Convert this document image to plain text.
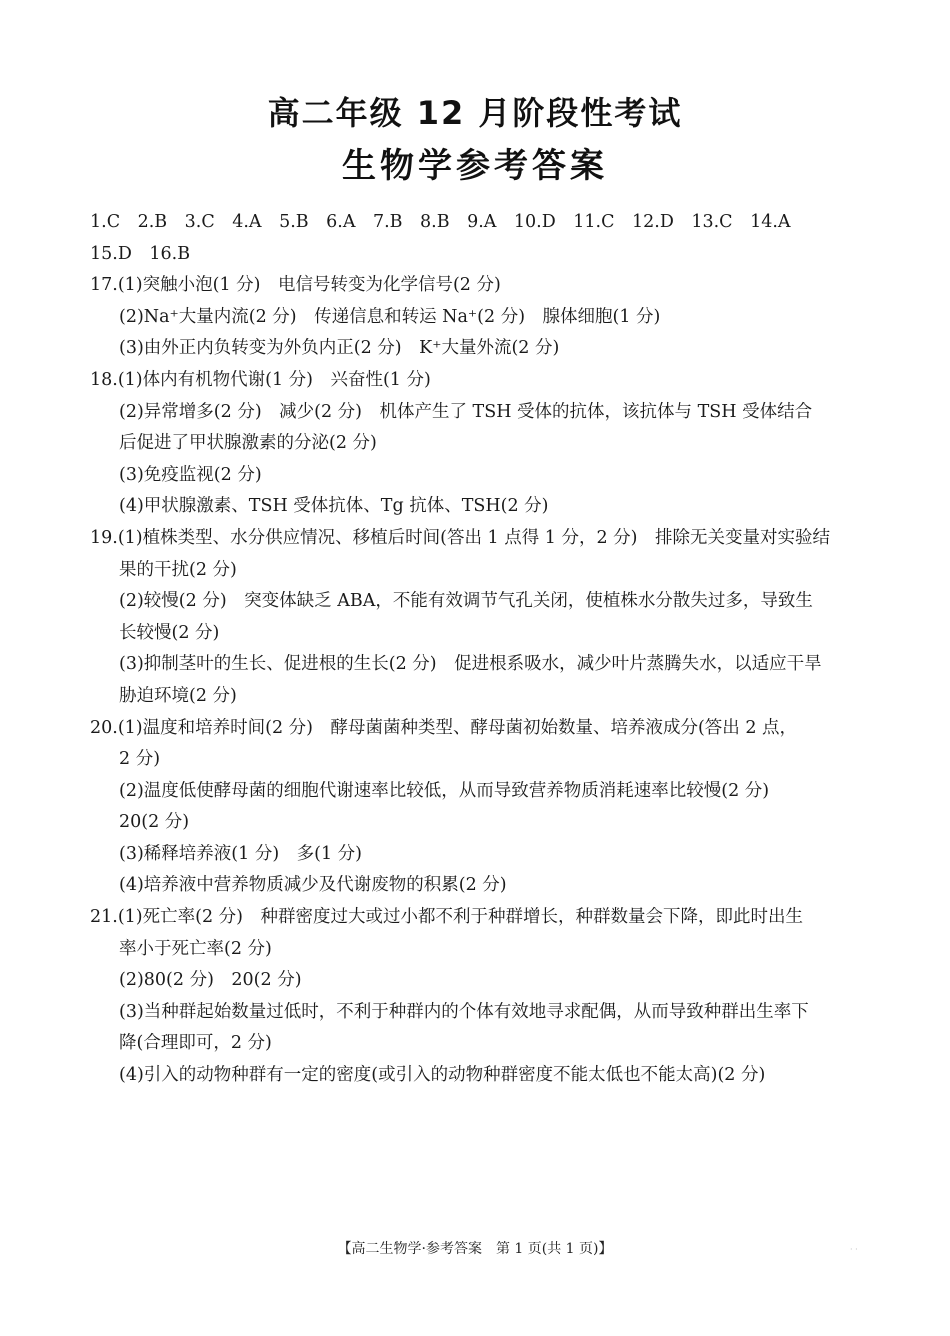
高二年级 12 月阶段性考试
生物学参考答案
1.C　2.B　3.C　4.A　5.B　6.A　7.B　8.B　9.A　10.D　11.C　12.D　13.C　14.A
15.D　16.B
17.(1)突触小泡(1 分)　电信号转变为化学信号(2 分)
(2)Na⁺大量内流(2 分)　传递信息和转运 Na⁺(2 分)　腺体细胞(1 分)
(3)由外正内负转变为外负内正(2 分)　K⁺大量外流(2 分)
18.(1)体内有机物代谢(1 分)　兴奋性(1 分)
(2)异常增多(2 分)　减少(2 分)　机体产生了 TSH 受体的抗体，该抗体与 TSH 受体结合
后促进了甲状腺激素的分泌(2 分)
(3)免疫监视(2 分)
(4)甲状腺激素、TSH 受体抗体、Tg 抗体、TSH(2 分)
19.(1)植株类型、水分供应情况、移植后时间(答出 1 点得 1 分，2 分)　排除无关变量对实验结
果的干扰(2 分)
(2)较慢(2 分)　突变体缺乏 ABA，不能有效调节气孔关闭，使植株水分散失过多，导致生
长较慢(2 分)
(3)抑制茎叶的生长、促进根的生长(2 分)　促进根系吸水，减少叶片蒸腾失水，以适应干旱
胁迫环境(2 分)
20.(1)温度和培养时间(2 分)　酵母菌菌种类型、酵母菌初始数量、培养液成分(答出 2 点，
2 分)
(2)温度低使酵母菌的细胞代谢速率比较低，从而导致营养物质消耗速率比较慢(2 分)
20(2 分)
(3)稀释培养液(1 分)　多(1 分)
(4)培养液中营养物质减少及代谢废物的积累(2 分)
21.(1)死亡率(2 分)　种群密度过大或过小都不利于种群增长，种群数量会下降，即此时出生
率小于死亡率(2 分)
(2)80(2 分)　20(2 分)
(3)当种群起始数量过低时，不利于种群内的个体有效地寻求配偶，从而导致种群出生率下
降(合理即可，2 分)
(4)引入的动物种群有一定的密度(或引入的动物种群密度不能太低也不能太高)(2 分)
【高二生物学·参考答案　第 1 页(共 1 页)】	· ·
